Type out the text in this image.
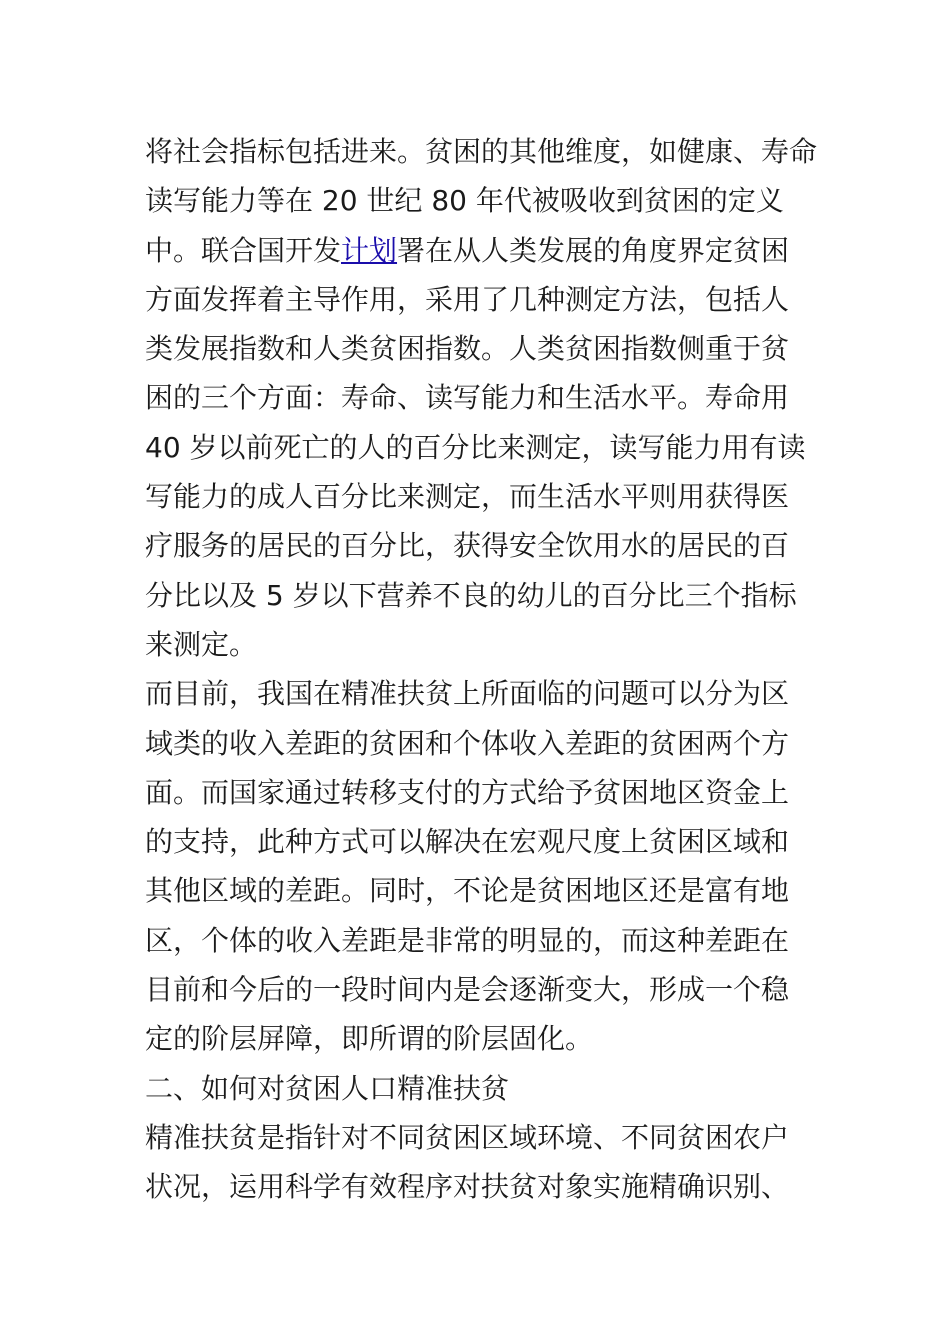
将社会指标包括进来。贫困的其他维度，如健康、寿命
读写能力等在 20 世纪 80 年代被吸收到贫困的定义
中。联合国开发计划署在从人类发展的角度界定贫困
方面发挥着主导作用，采用了几种测定方法，包括人
类发展指数和人类贫困指数。人类贫困指数侧重于贫
困的三个方面：寿命、读写能力和生活水平。寿命用
40 岁以前死亡的人的百分比来测定，读写能力用有读
写能力的成人百分比来测定，而生活水平则用获得医
疗服务的居民的百分比，获得安全饮用水的居民的百
分比以及 5 岁以下营养不良的幼儿的百分比三个指标
来测定。
而目前，我国在精准扶贫上所面临的问题可以分为区
域类的收入差距的贫困和个体收入差距的贫困两个方
面。而国家通过转移支付的方式给予贫困地区资金上
的支持，此种方式可以解决在宏观尺度上贫困区域和
其他区域的差距。同时，不论是贫困地区还是富有地
区，个体的收入差距是非常的明显的，而这种差距在
目前和今后的一段时间内是会逐渐变大，形成一个稳
定的阶层屏障，即所谓的阶层固化。
二、如何对贫困人口精准扶贫
精准扶贫是指针对不同贫困区域环境、不同贫困农户
状况，运用科学有效程序对扶贫对象实施精确识别、
